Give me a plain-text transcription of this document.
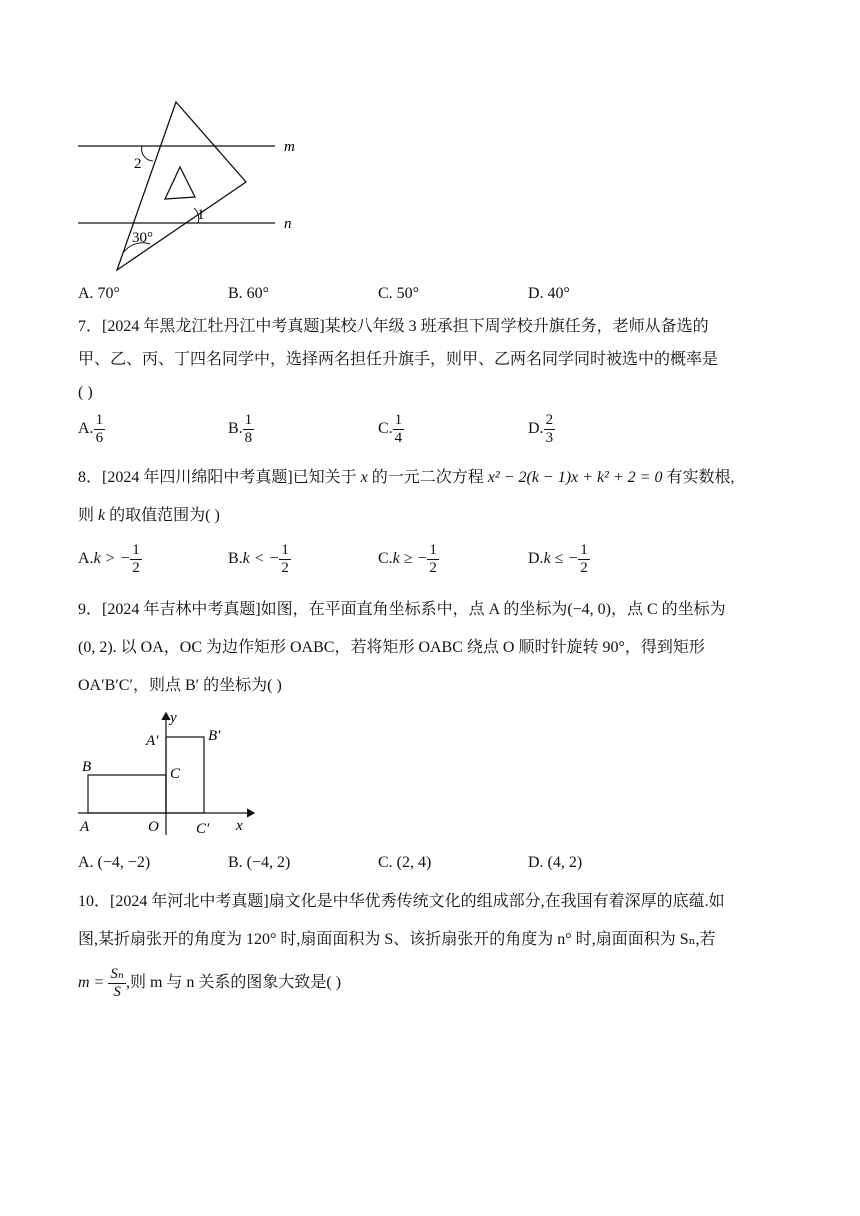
m
n
2
1
30°
A. 70°	B. 60°	C. 50°	D. 40°
7．[2024 年黑龙江牡丹江中考真题]某校八年级 3 班承担下周学校升旗任务，老师从备选的
甲、乙、丙、丁四名同学中，选择两名担任升旗手，则甲、乙两名同学同时被选中的概率是
( )
A. $\frac{1}{6}$	B. $\frac{1}{8}$	C. $\frac{1}{4}$	D. $\frac{2}{3}$
8．[2024 年四川绵阳中考真题]已知关于 x 的一元二次方程 x² − 2(k − 1)x + k² + 2 = 0 有实数根,
则 k 的取值范围为( )
A.k > − $\frac{1}{2}$	B.k < − $\frac{1}{2}$	C.k ≥ − $\frac{1}{2}$	D.k ≤ − $\frac{1}{2}$
9．[2024 年吉林中考真题]如图，在平面直角坐标系中，点 A 的坐标为(−4, 0)，点 C 的坐标为
(0, 2). 以 OA，OC 为边作矩形 OABC，若将矩形 OABC 绕点 O 顺时针旋转 90°，得到矩形
OA′B′C′，则点 B′ 的坐标为( )
y
x
A′	B′
B	C
A	O C′
A. (−4, −2)	B. (−4, 2)	C. (2, 4)	D. (4, 2)
10．[2024 年河北中考真题]扇文化是中华优秀传统文化的组成部分,在我国有着深厚的底蕴.如
图,某折扇张开的角度为 120° 时,扇面面积为 S、该折扇张开的角度为 n° 时,扇面面积为 Sₙ,若
$m = \frac{\text{Sₙ}}{S}$ ,则 m 与 n 关系的图象大致是( )
